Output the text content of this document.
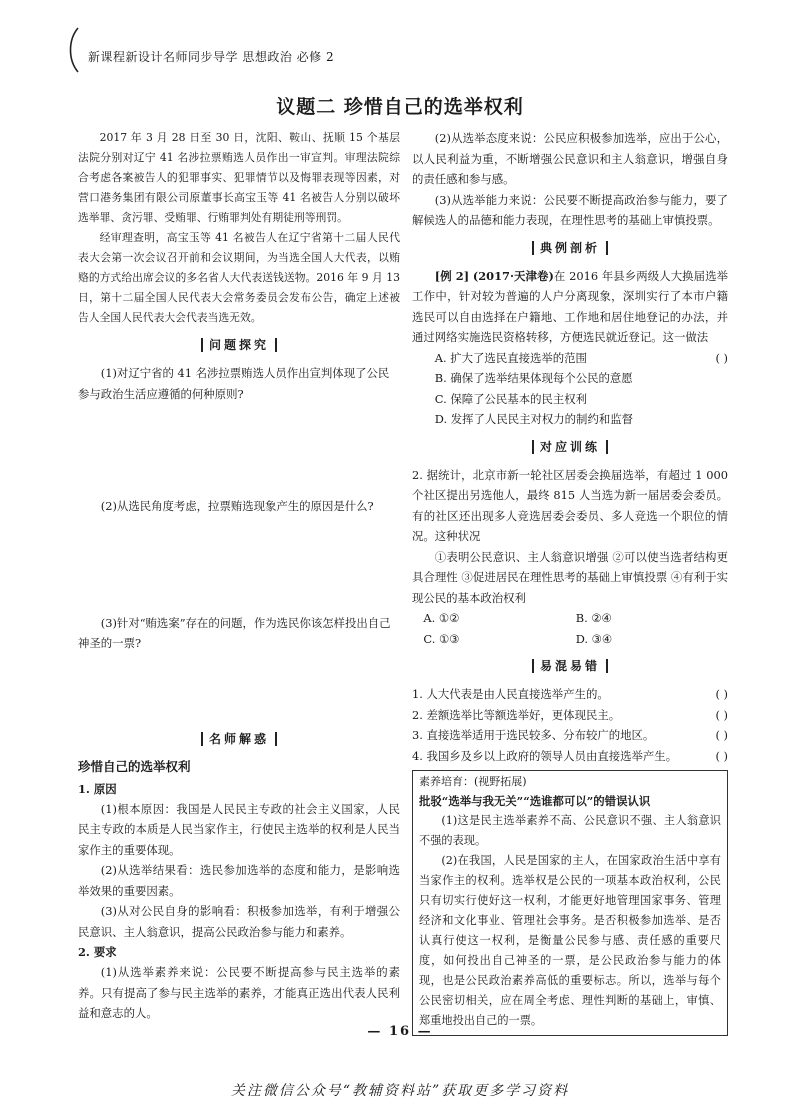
新课程新设计名师同步导学 思想政治 必修 2
议题二 珍惜自己的选举权利

2017 年 3 月 28 日至 30 日，沈阳、鞍山、抚顺 15 个基层法院分别对辽宁 41 名涉拉票贿选人员作出一审宣判。审理法院综合考虑各案被告人的犯罪事实、犯罪情节以及悔罪表现等因素，对营口港务集团有限公司原董事长高宝玉等 41 名被告人分别以破坏选举罪、贪污罪、受贿罪、行贿罪判处有期徒刑等刑罚。

经审理查明，高宝玉等 41 名被告人在辽宁省第十二届人民代表大会第一次会议召开前和会议期间，为当选全国人大代表，以贿赂的方式给出席会议的多名省人大代表送钱送物。2016 年 9 月 13 日，第十二届全国人民代表大会常务委员会发布公告，确定上述被告人全国人民代表大会代表当选无效。

问题探究

(1)对辽宁省的 41 名涉拉票贿选人员作出宣判体现了公民参与政治生活应遵循的何种原则?

(2)从选民角度考虑，拉票贿选现象产生的原因是什么?

(3)针对“贿选案”存在的问题，作为选民你该怎样投出自己神圣的一票?

名师解惑
珍惜自己的选举权利
1. 原因

(1)根本原因：我国是人民民主专政的社会主义国家，人民民主专政的本质是人民当家作主，行使民主选举的权利是人民当家作主的重要体现。

(2)从选举结果看：选民参加选举的态度和能力，是影响选举效果的重要因素。

(3)从对公民自身的影响看：积极参加选举，有利于增强公民意识、主人翁意识，提高公民政治参与能力和素养。

2. 要求

(1)从选举素养来说：公民要不断提高参与民主选举的素养。只有提高了参与民主选举的素养，才能真正选出代表人民利益和意志的人。

(2)从选举态度来说：公民应积极参加选举，应出于公心，以人民利益为重，不断增强公民意识和主人翁意识，增强自身的责任感和参与感。

(3)从选举能力来说：公民要不断提高政治参与能力，要了解候选人的品德和能力表现，在理性思考的基础上审慎投票。

典例剖析

[例 2] (2017·天津卷)在 2016 年县乡两级人大换届选举工作中，针对较为普遍的人户分离现象，深圳实行了本市户籍选民可以自由选择在户籍地、工作地和居住地登记的办法，并通过网络实施选民资格转移，方便选民就近登记。这一做法
( )

A. 扩大了选民直接选举的范围
B. 确保了选举结果体现每个公民的意愿
C. 保障了公民基本的民主权利
D. 发挥了人民民主对权力的制约和监督
对应训练

2. 据统计，北京市新一轮社区居委会换届选举，有超过 1 000 个社区提出另选他人，最终 815 人当选为新一届居委会委员。有的社区还出现多人竞选居委会委员、多人竞选一个职位的情况。这种状况

①表明公民意识、主人翁意识增强 ②可以使当选者结构更具合理性 ③促进居民在理性思考的基础上审慎投票 ④有利于实现公民的基本政治权利

A. ①②	B. ②④
C. ①③	D. ③④
易混易错
1. 人大代表是由人民直接选举产生的。	( )
2. 差额选举比等额选举好，更体现民主。	( )
3. 直接选举适用于选民较多、分布较广的地区。	( )
4. 我国乡及乡以上政府的领导人员由直接选举产生。	( )
素养培育：(视野拓展)
批驳“选举与我无关”“选谁都可以”的错误认识

(1)这是民主选举素养不高、公民意识不强、主人翁意识不强的表现。

(2)在我国，人民是国家的主人，在国家政治生活中享有当家作主的权利。选举权是公民的一项基本政治权利，公民只有切实行使好这一权利，才能更好地管理国家事务、管理经济和文化事业、管理社会事务。是否积极参加选举、是否认真行使这一权利，是衡量公民参与感、责任感的重要尺度，如何投出自己神圣的一票，是公民政治参与能力的体现，也是公民政治素养高低的重要标志。所以，选举与每个公民密切相关，应在周全考虑、理性判断的基础上，审慎、郑重地投出自己的一票。

— 16 —
关注微信公众号“教辅资料站”获取更多学习资料
